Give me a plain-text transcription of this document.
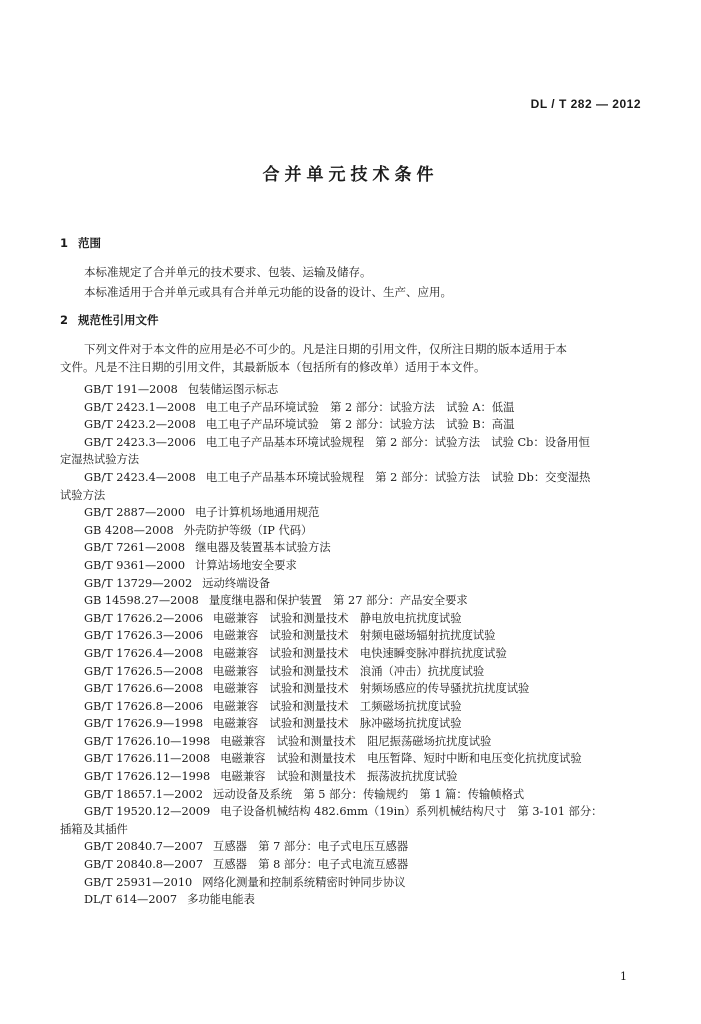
DL / T 282 — 2012
合并单元技术条件
1 范围
本标准规定了合并单元的技术要求、包装、运输及储存。
本标准适用于合并单元或具有合并单元功能的设备的设计、生产、应用。
2 规范性引用文件
下列文件对于本文件的应用是必不可少的。凡是注日期的引用文件，仅所注日期的版本适用于本
文件。凡是不注日期的引用文件，其最新版本（包括所有的修改单）适用于本文件。
GB/T 191—2008 包装储运图示标志
GB/T 2423.1—2008 电工电子产品环境试验　第 2 部分：试验方法　试验 A：低温
GB/T 2423.2—2008 电工电子产品环境试验　第 2 部分：试验方法　试验 B：高温
GB/T 2423.3—2006 电工电子产品基本环境试验规程　第 2 部分：试验方法　试验 Cb：设备用恒
定湿热试验方法
GB/T 2423.4—2008 电工电子产品基本环境试验规程　第 2 部分：试验方法　试验 Db：交变湿热
试验方法
GB/T 2887—2000 电子计算机场地通用规范
GB 4208—2008 外壳防护等级（IP 代码）
GB/T 7261—2008 继电器及装置基本试验方法
GB/T 9361—2000 计算站场地安全要求
GB/T 13729—2002 远动终端设备
GB 14598.27—2008 量度继电器和保护装置　第 27 部分：产品安全要求
GB/T 17626.2—2006 电磁兼容　试验和测量技术　静电放电抗扰度试验
GB/T 17626.3—2006 电磁兼容　试验和测量技术　射频电磁场辐射抗扰度试验
GB/T 17626.4—2008 电磁兼容　试验和测量技术　电快速瞬变脉冲群抗扰度试验
GB/T 17626.5—2008 电磁兼容　试验和测量技术　浪涌（冲击）抗扰度试验
GB/T 17626.6—2008 电磁兼容　试验和测量技术　射频场感应的传导骚扰抗扰度试验
GB/T 17626.8—2006 电磁兼容　试验和测量技术　工频磁场抗扰度试验
GB/T 17626.9—1998 电磁兼容　试验和测量技术　脉冲磁场抗扰度试验
GB/T 17626.10—1998 电磁兼容　试验和测量技术　阻尼振荡磁场抗扰度试验
GB/T 17626.11—2008 电磁兼容　试验和测量技术　电压暂降、短时中断和电压变化抗扰度试验
GB/T 17626.12—1998 电磁兼容　试验和测量技术　振荡波抗扰度试验
GB/T 18657.1—2002 远动设备及系统　第 5 部分：传输规约　第 1 篇：传输帧格式
GB/T 19520.12—2009 电子设备机械结构 482.6mm（19in）系列机械结构尺寸　第 3-101 部分：
插箱及其插件
GB/T 20840.7—2007 互感器　第 7 部分：电子式电压互感器
GB/T 20840.8—2007 互感器　第 8 部分：电子式电流互感器
GB/T 25931—2010 网络化测量和控制系统精密时钟同步协议
DL/T 614—2007 多功能电能表
1
